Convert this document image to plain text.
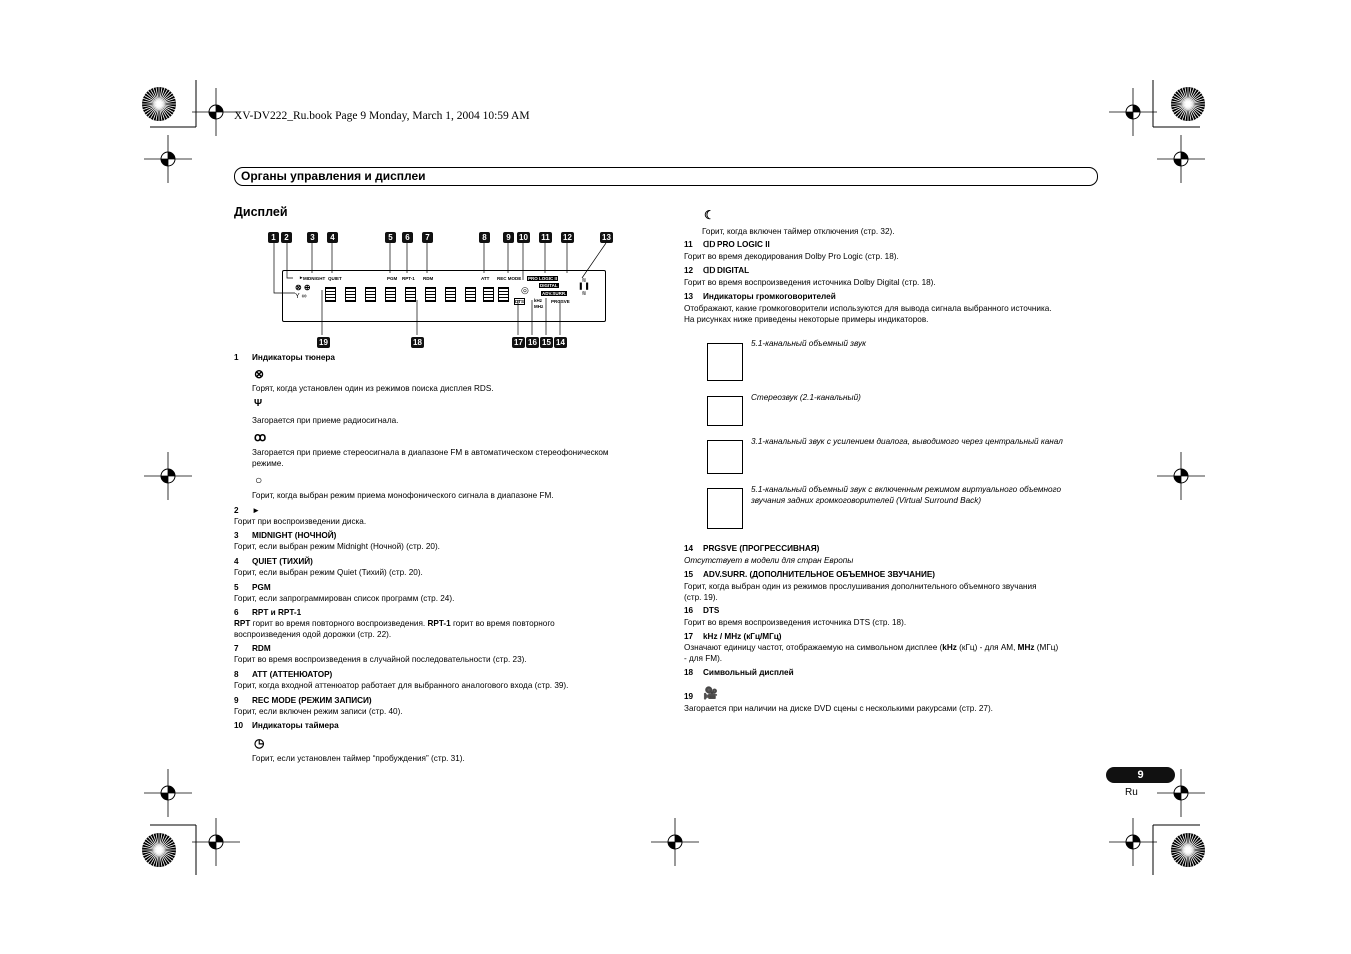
XV-DV222_Ru.book Page 9 Monday, March 1, 2004 10:59 AM
Органы управления и дисплеи
Дисплей
1	2	3	4	5	6	7	8	9	10 11 12	13
► MIDNIGHT QUIET	PGM RPT-1 RDM	ATT REC MODE PRO LOGIC II
DIGITAL
ADV.SURR.
PRGSVE
DTS kHz
MHz
⊗ ⊕
Y ∞
◎
≋
▌▐
≋
19	18	17 16 15 14
1 Индикаторы тюнера
⊗
Горят, когда установлен один из режимов поиска дисплея RDS.
Ψ
Загорается при приеме радиосигнала.
ꝏ
Загорается при приеме стереосигнала в диапазоне FM в автоматическом стереофоническом
режиме.
○
Горит, когда выбран режим приема монофонического сигнала в диапазоне FM.
2 ►
Горит при воспроизведении диска.
3 MIDNIGHT (НОЧНОЙ)
Горит, если выбран режим Midnight (Ночной) (стр. 20).
4 QUIET (ТИХИЙ)
Горит, если выбран режим Quiet (Тихий) (стр. 20).
5 PGM
Горит, если запрограммирован список программ (стр. 24).
6 RPT и RPT-1
RPT горит во время повторного воспроизведения. RPT-1 горит во время повторного
воспроизведения одой дорожки (стр. 22).
7 RDM
Горит во время воспроизведения в случайной последовательности (стр. 23).
8 ATT (АТТЕНЮАТОР)
Горит, когда входной аттенюатор работает для выбранного аналогового входа (стр. 39).
9 REC MODE (РЕЖИМ ЗАПИСИ)
Горит, если включен режим записи (стр. 40).
10 Индикаторы таймера
◷
Горит, если установлен таймер “пробуждения” (стр. 31).
☾
Горит, когда включен таймер отключения (стр. 32).
11 ᗡᗞ PRO LOGIC II
Горит во время декодирования Dolby Pro Logic (стр. 18).
12 ᗡᗞ DIGITAL
Горит во время воспроизведения источника Dolby Digital (стр. 18).
13 Индикаторы громкоговорителей
Отображают, какие громкоговорители используются для вывода сигнала выбранного источника.
На рисунках ниже приведены некоторые примеры индикаторов.
5.1-канальный объемный звук
Стереозвук (2.1-канальный)
3.1-канальный звук с усилением диалога, выводимого через центральный канал
5.1-канальный объемный звук с включенным режимом виртуального объемного
звучания задних громкоговорителей (Virtual Surround Back)
14 PRGSVE (ПРОГРЕССИВНАЯ)
Отсутствует в модели для стран Европы
15 ADV.SURR. (ДОПОЛНИТЕЛЬНОЕ ОБЪЕМНОЕ ЗВУЧАНИЕ)
Горит, когда выбран один из режимов прослушивания дополнительного объемного звучания
(стр. 19).
16 DTS
Горит во время воспроизведения источника DTS (стр. 18).
17 kHz / MHz (кГц/МГц)
Означают единицу частот, отображаемую на символьном дисплее (kHz (кГц) - для AM, MHz (МГц)
- для FM).
18 Символьный дисплей
19 🎥
Загорается при наличии на диске DVD сцены с несколькими ракурсами (стр. 27).
9
Ru
